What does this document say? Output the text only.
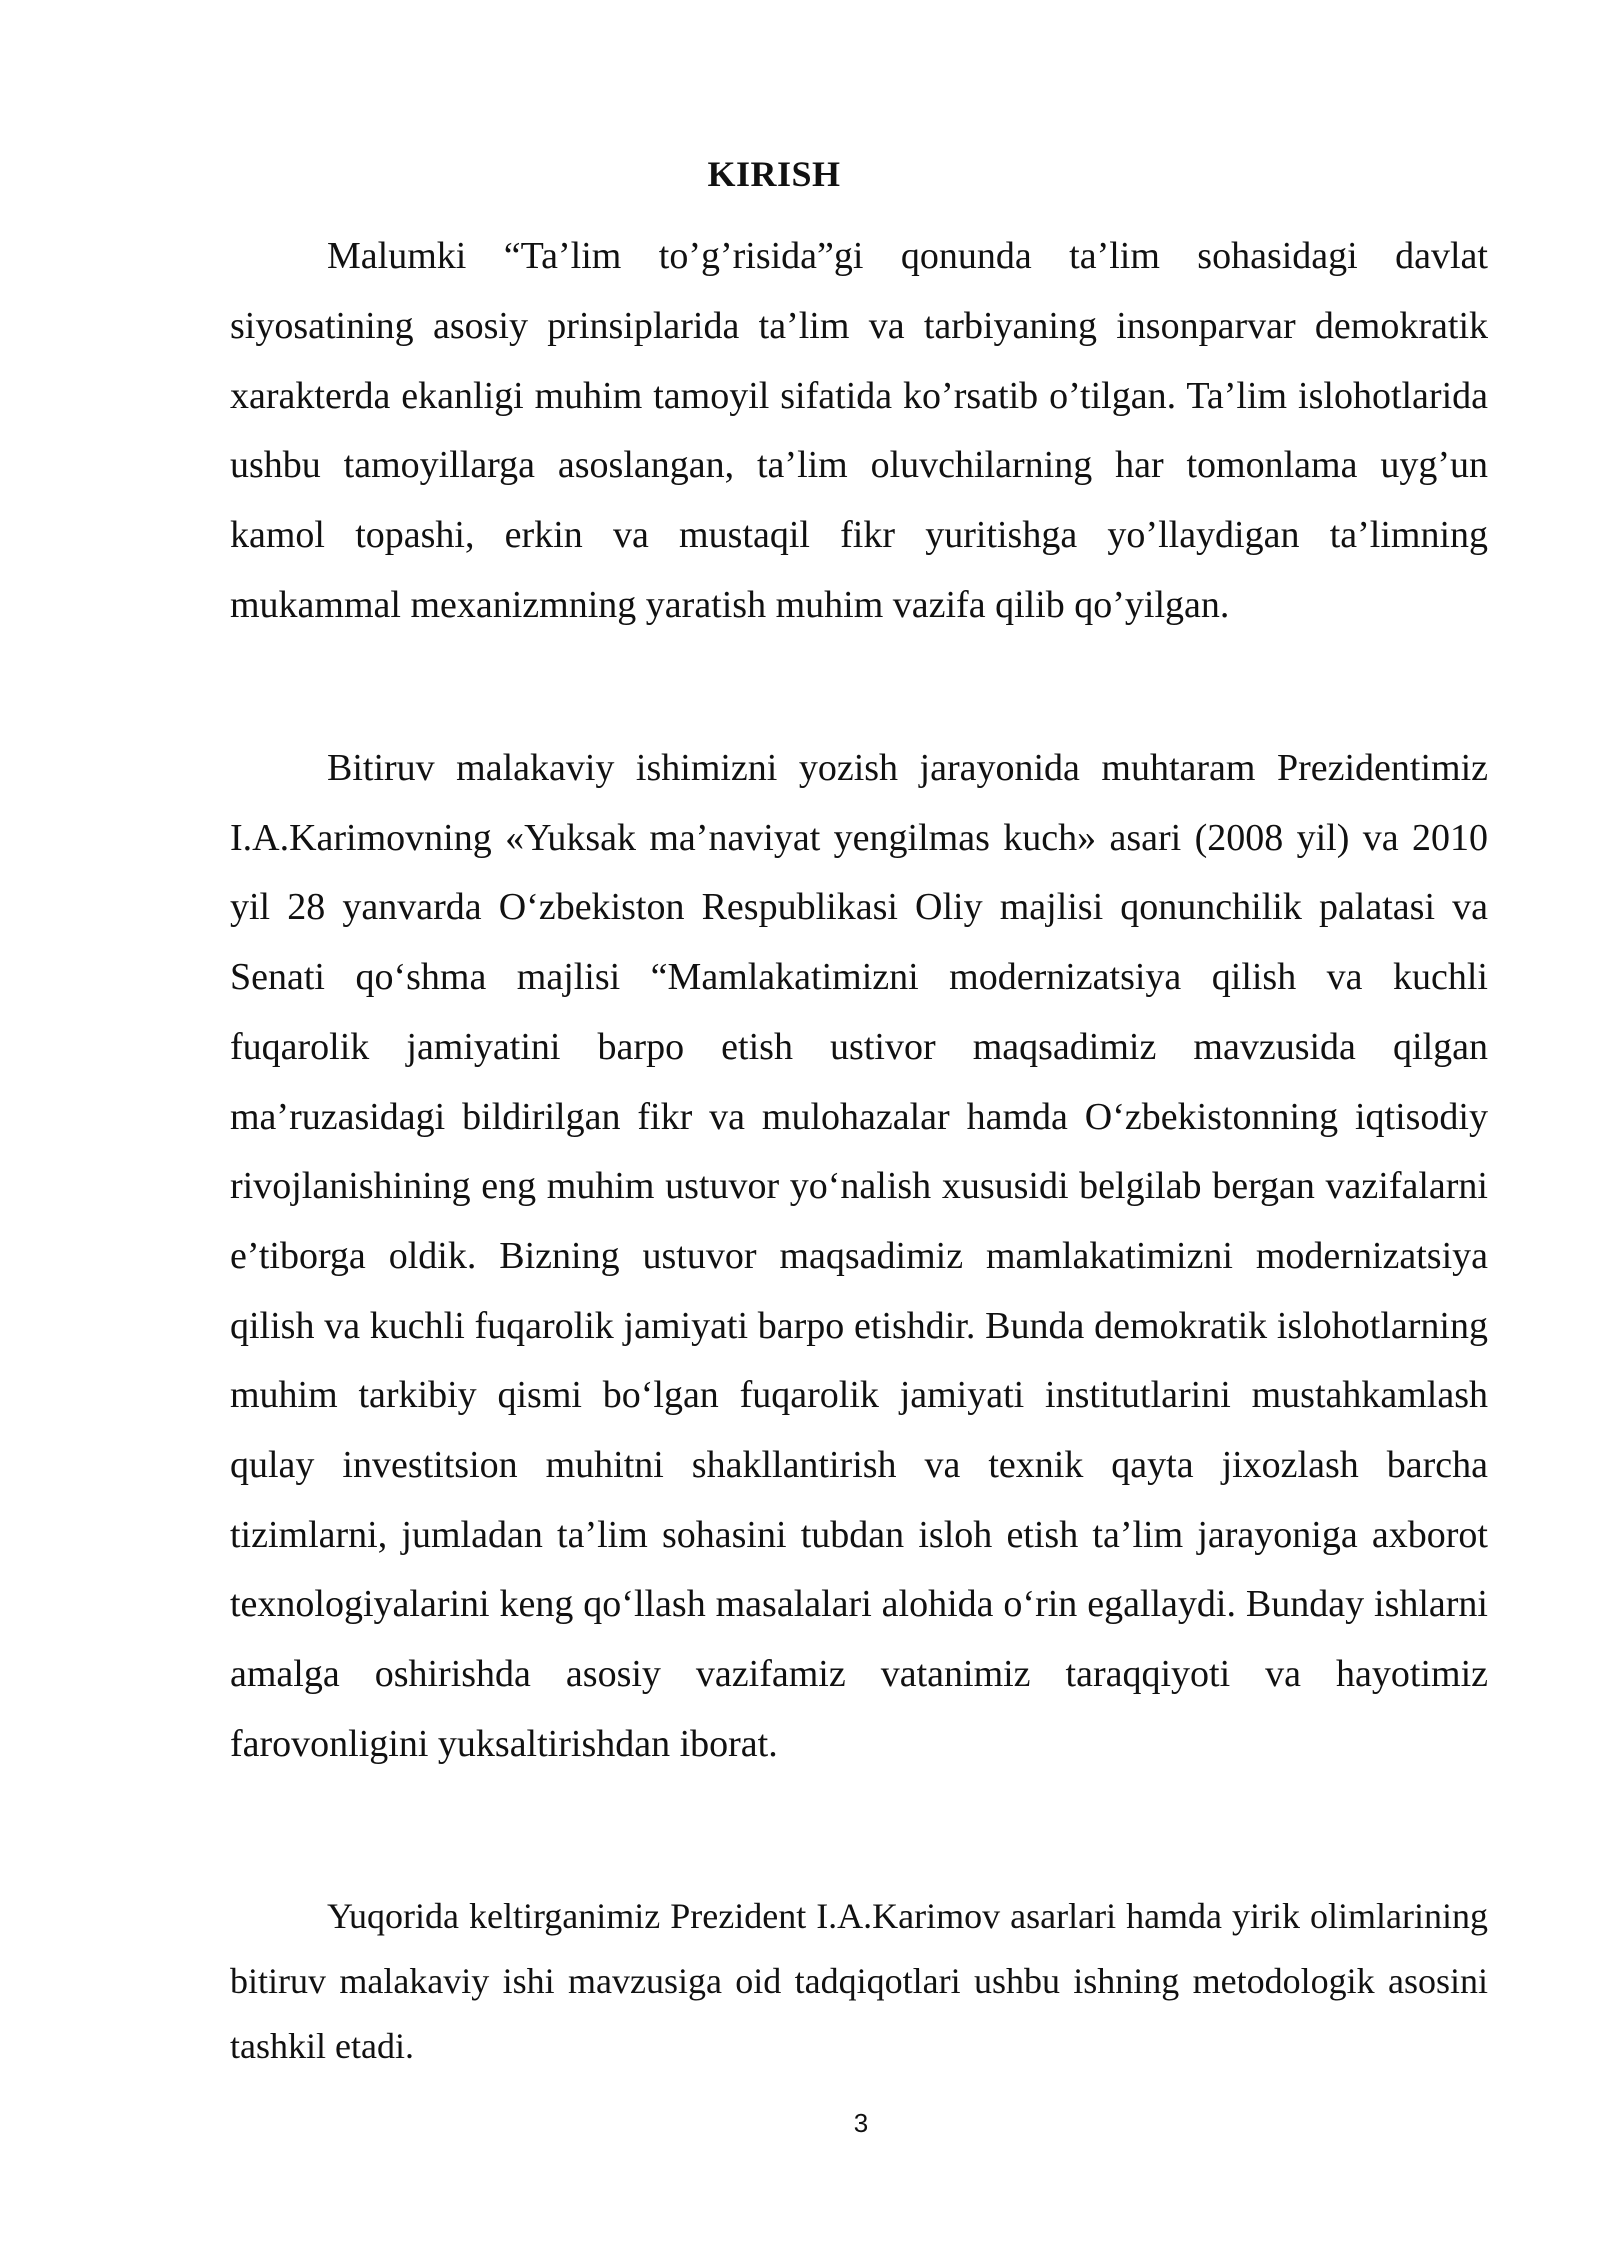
KIRISH

Malumki “Ta’lim to’g’risida”gi qonunda ta’lim sohasidagi davlat siyosatining asosiy prinsiplarida ta’lim va tarbiyaning insonparvar demokratik xarakterda ekanligi muhim tamoyil sifatida ko’rsatib o’tilgan. Ta’lim islohotlarida ushbu tamoyillarga asoslangan, ta’lim oluvchilarning har tomonlama uyg’un kamol topashi, erkin va mustaqil fikr yuritishga yo’llaydigan ta’limning mukammal mexanizmning yaratish muhim vazifa qilib qo’yilgan.

Bitiruv malakaviy ishimizni yozish jarayonida muhtaram Prezidentimiz I.A.Karimovning «Yuksak ma’naviyat yengilmas kuch» asari (2008 yil) va 2010 yil 28 yanvarda O‘zbekiston Respublikasi Oliy majlisi qonunchilik palatasi va Senati qo‘shma majlisi “Mamlakatimizni modernizatsiya qilish va kuchli fuqarolik jamiyatini barpo etish ustivor maqsadimiz mavzusida qilgan ma’ruzasidagi bildirilgan fikr va mulohazalar hamda O‘zbekistonning iqtisodiy rivojlanishining eng muhim ustuvor yo‘nalish xususidi belgilab bergan vazifalarni e’tiborga oldik. Bizning ustuvor maqsadimiz mamlakatimizni modernizatsiya qilish va kuchli fuqarolik jamiyati barpo etishdir. Bunda demokratik islohotlarning muhim tarkibiy qismi bo‘lgan fuqarolik jamiyati institutlarini mustahkamlash qulay investitsion muhitni shakllantirish va texnik qayta jixozlash barcha tizimlarni, jumladan ta’lim sohasini tubdan isloh etish ta’lim jarayoniga axborot texnologiyalarini keng qo‘llash masalalari alohida o‘rin egallaydi. Bunday ishlarni amalga oshirishda asosiy vazifamiz vatanimiz taraqqiyoti va hayotimiz farovonligini yuksaltirishdan iborat.

Yuqorida keltirganimiz Prezident I.A.Karimov asarlari hamda yirik olimlarining bitiruv malakaviy ishi mavzusiga oid tadqiqotlari ushbu ishning metodologik asosini tashkil etadi.

3
